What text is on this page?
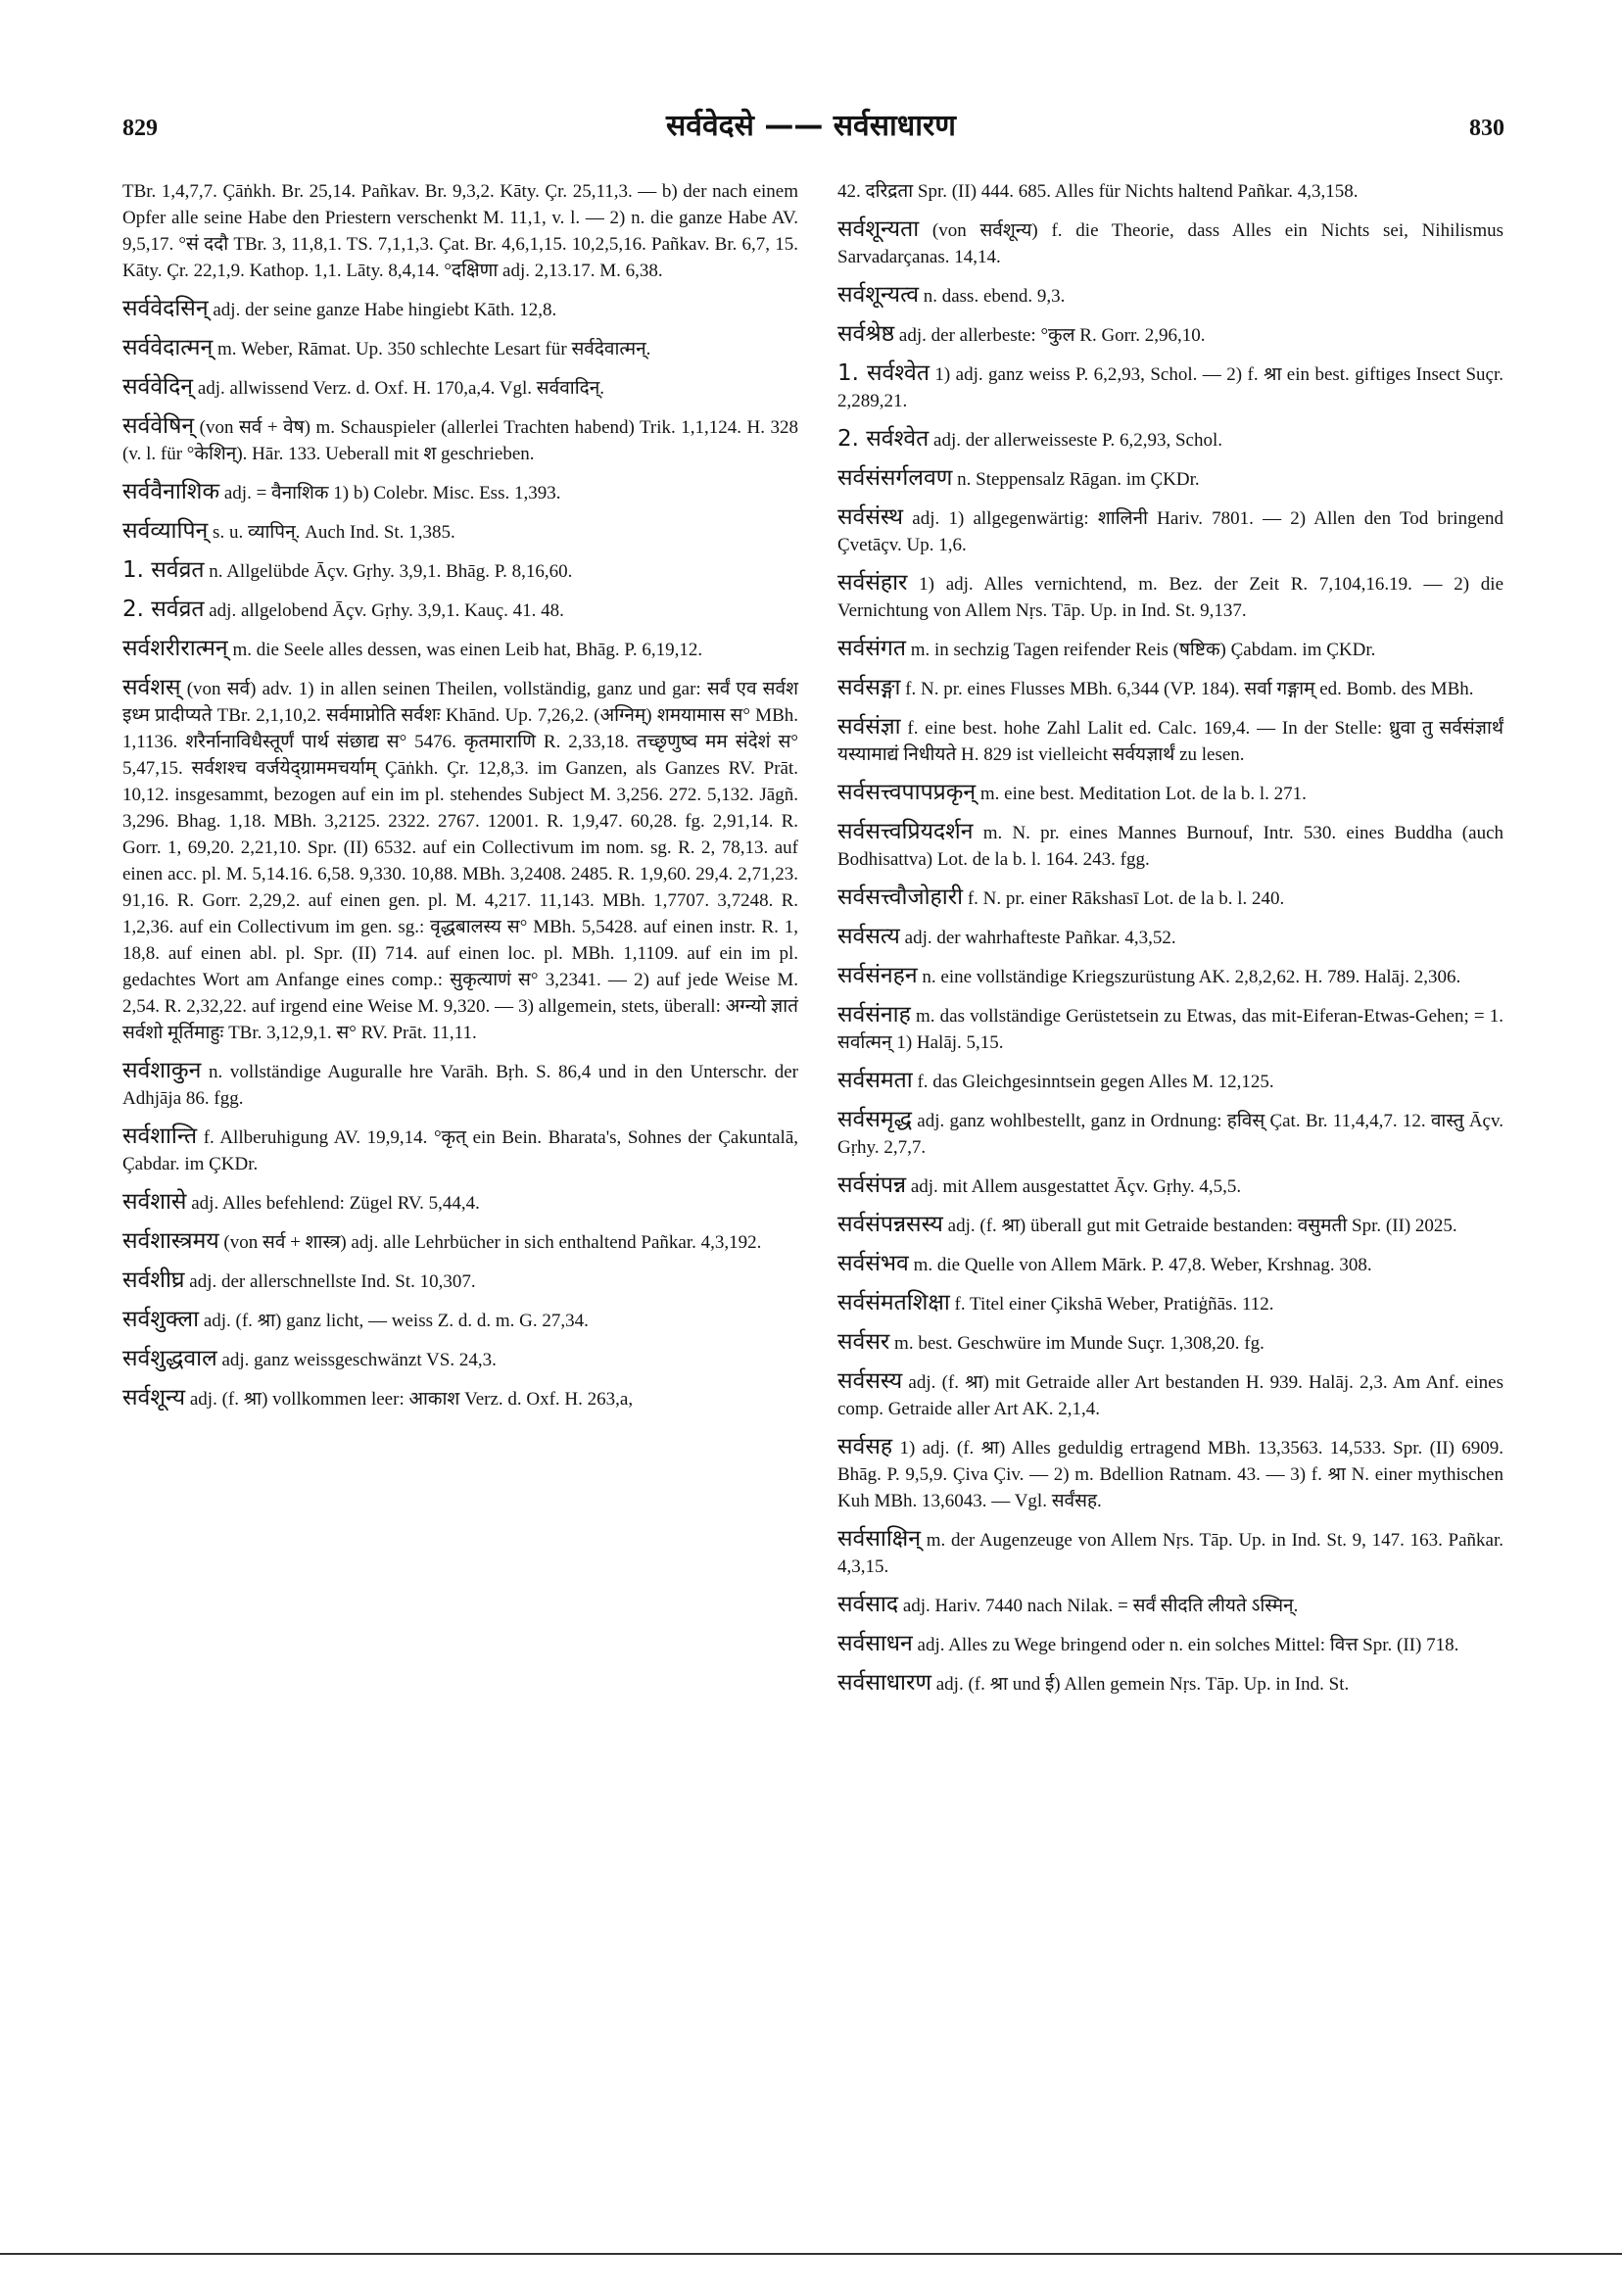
829	सर्ववेदसे —— सर्वसाधारण	830

TBr. 1,4,7,7. Çāṅkh. Br. 25,14. Pañkav. Br. 9,3,2. Kāty. Çr. 25,11,3. — b) der nach einem Opfer alle seine Habe den Priestern verschenkt M. 11,1, v. l. — 2) n. die ganze Habe AV. 9,5,17. °सं ददौ TBr. 3, 11,8,1. TS. 7,1,1,3. Çat. Br. 4,6,1,15. 10,2,5,16. Pañkav. Br. 6,7, 15. Kāty. Çr. 22,1,9. Kathop. 1,1. Lāty. 8,4,14. °दक्षिणा adj. 2,13.17. M. 6,38.

सर्ववेदसिन् adj. der seine ganze Habe hingiebt Kāth. 12,8.

सर्ववेदात्मन् m. Weber, Rāmat. Up. 350 schlechte Lesart für सर्वदेवात्मन्.

सर्ववेदिन् adj. allwissend Verz. d. Oxf. H. 170,a,4. Vgl. सर्ववादिन्.

सर्ववेषिन् (von सर्व + वेष) m. Schauspieler (allerlei Trachten habend) Trik. 1,1,124. H. 328 (v. l. für °केशिन्). Hār. 133. Ueberall mit श geschrieben.

सर्ववैनाशिक adj. = वैनाशिक 1) b) Colebr. Misc. Ess. 1,393.

सर्वव्यापिन् s. u. व्यापिन्. Auch Ind. St. 1,385.

1. सर्वव्रत n. Allgelübde Āçv. Gṛhy. 3,9,1. Bhāg. P. 8,16,60.

2. सर्वव्रत adj. allgelobend Āçv. Gṛhy. 3,9,1. Kauç. 41. 48.

सर्वशरीरात्मन् m. die Seele alles dessen, was einen Leib hat, Bhāg. P. 6,19,12.

सर्वशस् (von सर्व) adv. 1) in allen seinen Theilen, vollständig, ganz und gar: सर्वं एव सर्वश इध्म प्रादीप्यते TBr. 2,1,10,2. सर्वमाप्नोति सर्वशः Khānd. Up. 7,26,2. (अग्निम्) शमयामास स° MBh. 1,1136. शरैर्नानाविधैस्तूर्णं पार्थ संछाद्य स° 5476. कृतमाराणि R. 2,33,18. तच्छृणुष्व मम संदेशं स° 5,47,15. सर्वशश्च वर्जयेद्ग्राममचर्याम् Çāṅkh. Çr. 12,8,3. im Ganzen, als Ganzes RV. Prāt. 10,12. insgesammt, bezogen auf ein im pl. stehendes Subject M. 3,256. 272. 5,132. Jāgñ. 3,296. Bhag. 1,18. MBh. 3,2125. 2322. 2767. 12001. R. 1,9,47. 60,28. fg. 2,91,14. R. Gorr. 1, 69,20. 2,21,10. Spr. (II) 6532. auf ein Collectivum im nom. sg. R. 2, 78,13. auf einen acc. pl. M. 5,14.16. 6,58. 9,330. 10,88. MBh. 3,2408. 2485. R. 1,9,60. 29,4. 2,71,23. 91,16. R. Gorr. 2,29,2. auf einen gen. pl. M. 4,217. 11,143. MBh. 1,7707. 3,7248. R. 1,2,36. auf ein Collectivum im gen. sg.: वृद्धबालस्य स° MBh. 5,5428. auf einen instr. R. 1, 18,8. auf einen abl. pl. Spr. (II) 714. auf einen loc. pl. MBh. 1,1109. auf ein im pl. gedachtes Wort am Anfange eines comp.: सुकृत्याणं स° 3,2341. — 2) auf jede Weise M. 2,54. R. 2,32,22. auf irgend eine Weise M. 9,320. — 3) allgemein, stets, überall: अग्न्यो ज्ञातं सर्वशो मूर्तिमाहुः TBr. 3,12,9,1. स° RV. Prāt. 11,11.

सर्वशाकुन n. vollständige Auguralle hre Varāh. Bṛh. S. 86,4 und in den Unterschr. der Adhjāja 86. fgg.

सर्वशान्ति f. Allberuhigung AV. 19,9,14. °कृत् ein Bein. Bharata's, Sohnes der Çakuntalā, Çabdar. im ÇKDr.

सर्वशासे adj. Alles befehlend: Zügel RV. 5,44,4.

सर्वशास्त्रमय (von सर्व + शास्त्र) adj. alle Lehrbücher in sich enthaltend Pañkar. 4,3,192.

सर्वशीघ्र adj. der allerschnellste Ind. St. 10,307.

सर्वशुक्ला adj. (f. श्रा) ganz licht, — weiss Z. d. d. m. G. 27,34.

सर्वशुद्धवाल adj. ganz weissgeschwänzt VS. 24,3.

सर्वशून्य adj. (f. श्रा) vollkommen leer: आकाश Verz. d. Oxf. H. 263,a,

42. दरिद्रता Spr. (II) 444. 685. Alles für Nichts haltend Pañkar. 4,3,158.

सर्वशून्यता (von सर्वशून्य) f. die Theorie, dass Alles ein Nichts sei, Nihilismus Sarvadarçanas. 14,14.

सर्वशून्यत्व n. dass. ebend. 9,3.

सर्वश्रेष्ठ adj. der allerbeste: °कुल R. Gorr. 2,96,10.

1. सर्वश्वेत 1) adj. ganz weiss P. 6,2,93, Schol. — 2) f. श्रा ein best. giftiges Insect Suçr. 2,289,21.

2. सर्वश्वेत adj. der allerweisseste P. 6,2,93, Schol.

सर्वसंसर्गलवण n. Steppensalz Rāgan. im ÇKDr.

सर्वसंस्थ adj. 1) allgegenwärtig: शालिनी Hariv. 7801. — 2) Allen den Tod bringend Çvetāçv. Up. 1,6.

सर्वसंहार 1) adj. Alles vernichtend, m. Bez. der Zeit R. 7,104,16.19. — 2) die Vernichtung von Allem Nṛs. Tāp. Up. in Ind. St. 9,137.

सर्वसंगत m. in sechzig Tagen reifender Reis (षष्टिक) Çabdam. im ÇKDr.

सर्वसङ्गा f. N. pr. eines Flusses MBh. 6,344 (VP. 184). सर्वा गङ्गाम् ed. Bomb. des MBh.

सर्वसंज्ञा f. eine best. hohe Zahl Lalit ed. Calc. 169,4. — In der Stelle: ध्रुवा तु सर्वसंज्ञार्थं यस्यामाद्यं निधीयते H. 829 ist vielleicht सर्वयज्ञार्थं zu lesen.

सर्वसत्त्वपापप्रकृन् m. eine best. Meditation Lot. de la b. l. 271.

सर्वसत्त्वप्रियदर्शन m. N. pr. eines Mannes Burnouf, Intr. 530. eines Buddha (auch Bodhisattva) Lot. de la b. l. 164. 243. fgg.

सर्वसत्त्वौजोहारी f. N. pr. einer Rākshasī Lot. de la b. l. 240.

सर्वसत्य adj. der wahrhafteste Pañkar. 4,3,52.

सर्वसंनहन n. eine vollständige Kriegszurüstung AK. 2,8,2,62. H. 789. Halāj. 2,306.

सर्वसंनाह m. das vollständige Gerüstetsein zu Etwas, das mit-Eiferan-Etwas-Gehen; = 1. सर्वात्मन् 1) Halāj. 5,15.

सर्वसमता f. das Gleichgesinntsein gegen Alles M. 12,125.

सर्वसमृद्ध adj. ganz wohlbestellt, ganz in Ordnung: हविस् Çat. Br. 11,4,4,7. 12. वास्तु Āçv. Gṛhy. 2,7,7.

सर्वसंपन्न adj. mit Allem ausgestattet Āçv. Gṛhy. 4,5,5.

सर्वसंपन्नसस्य adj. (f. श्रा) überall gut mit Getraide bestanden: वसुमती Spr. (II) 2025.

सर्वसंभव m. die Quelle von Allem Mārk. P. 47,8. Weber, Krshnag. 308.

सर्वसंमतशिक्षा f. Titel einer Çikshā Weber, Pratiģñās. 112.

सर्वसर m. best. Geschwüre im Munde Suçr. 1,308,20. fg.

सर्वसस्य adj. (f. श्रा) mit Getraide aller Art bestanden H. 939. Halāj. 2,3. Am Anf. eines comp. Getraide aller Art AK. 2,1,4.

सर्वसह 1) adj. (f. श्रा) Alles geduldig ertragend MBh. 13,3563. 14,533. Spr. (II) 6909. Bhāg. P. 9,5,9. Çiva Çiv. — 2) m. Bdellion Ratnam. 43. — 3) f. श्रा N. einer mythischen Kuh MBh. 13,6043. — Vgl. सर्वंसह.

सर्वसाक्षिन् m. der Augenzeuge von Allem Nṛs. Tāp. Up. in Ind. St. 9, 147. 163. Pañkar. 4,3,15.

सर्वसाद adj. Hariv. 7440 nach Nilak. = सर्वं सीदति लीयते ऽस्मिन्.

सर्वसाधन adj. Alles zu Wege bringend oder n. ein solches Mittel: वित्त Spr. (II) 718.

सर्वसाधारण adj. (f. श्रा und ई) Allen gemein Nṛs. Tāp. Up. in Ind. St.
